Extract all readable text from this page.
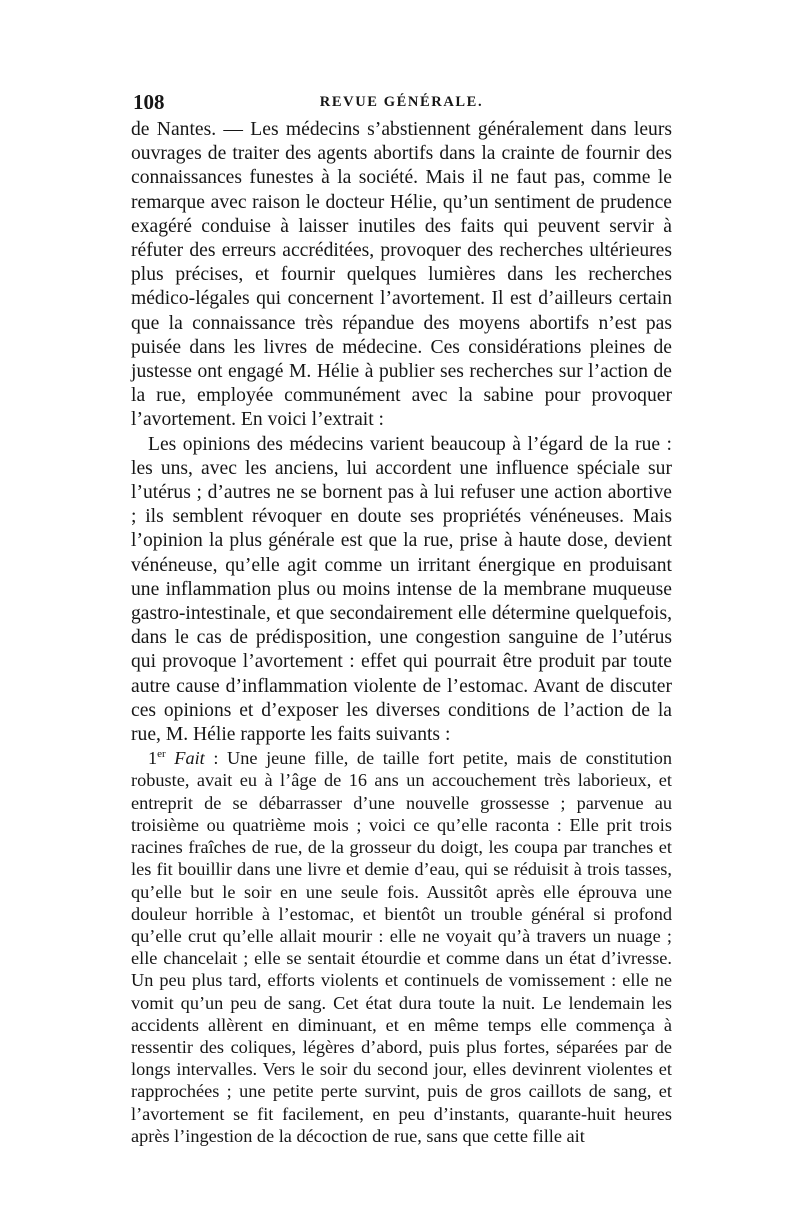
108	REVUE GÉNÉRALE.

de Nantes. — Les médecins s’abstiennent généralement dans leurs ouvrages de traiter des agents abortifs dans la crainte de fournir des connaissances funestes à la société. Mais il ne faut pas, comme le remarque avec raison le docteur Hélie, qu’un sentiment de prudence exagéré conduise à laisser inutiles des faits qui peuvent servir à réfuter des erreurs accréditées, provoquer des recherches ultérieures plus précises, et fournir quelques lumières dans les recherches médico-légales qui concernent l’avortement. Il est d’ailleurs certain que la connaissance très répandue des moyens abortifs n’est pas puisée dans les livres de médecine. Ces considérations pleines de justesse ont engagé M. Hélie à publier ses recherches sur l’action de la rue, employée communément avec la sabine pour provoquer l’avortement. En voici l’extrait :

Les opinions des médecins varient beaucoup à l’égard de la rue : les uns, avec les anciens, lui accordent une influence spéciale sur l’utérus ; d’autres ne se bornent pas à lui refuser une action abortive ; ils semblent révoquer en doute ses propriétés vénéneuses. Mais l’opinion la plus générale est que la rue, prise à haute dose, devient vénéneuse, qu’elle agit comme un irritant énergique en produisant une inflammation plus ou moins intense de la membrane muqueuse gastro-intestinale, et que secondairement elle détermine quelquefois, dans le cas de prédisposition, une congestion sanguine de l’utérus qui provoque l’avortement : effet qui pourrait être produit par toute autre cause d’inflammation violente de l’estomac. Avant de discuter ces opinions et d’exposer les diverses conditions de l’action de la rue, M. Hélie rapporte les faits suivants :

1er Fait : Une jeune fille, de taille fort petite, mais de constitution robuste, avait eu à l’âge de 16 ans un accouchement très laborieux, et entreprit de se débarrasser d’une nouvelle grossesse ; parvenue au troisième ou quatrième mois ; voici ce qu’elle raconta : Elle prit trois racines fraîches de rue, de la grosseur du doigt, les coupa par tranches et les fit bouillir dans une livre et demie d’eau, qui se réduisit à trois tasses, qu’elle but le soir en une seule fois. Aussitôt après elle éprouva une douleur horrible à l’estomac, et bientôt un trouble général si profond qu’elle crut qu’elle allait mourir : elle ne voyait qu’à travers un nuage ; elle chancelait ; elle se sentait étourdie et comme dans un état d’ivresse. Un peu plus tard, efforts violents et continuels de vomissement : elle ne vomit qu’un peu de sang. Cet état dura toute la nuit. Le lendemain les accidents allèrent en diminuant, et en même temps elle commença à ressentir des coliques, légères d’abord, puis plus fortes, séparées par de longs intervalles. Vers le soir du second jour, elles devinrent violentes et rapprochées ; une petite perte survint, puis de gros caillots de sang, et l’avortement se fit facilement, en peu d’instants, quarante-huit heures après l’ingestion de la décoction de rue, sans que cette fille ait
